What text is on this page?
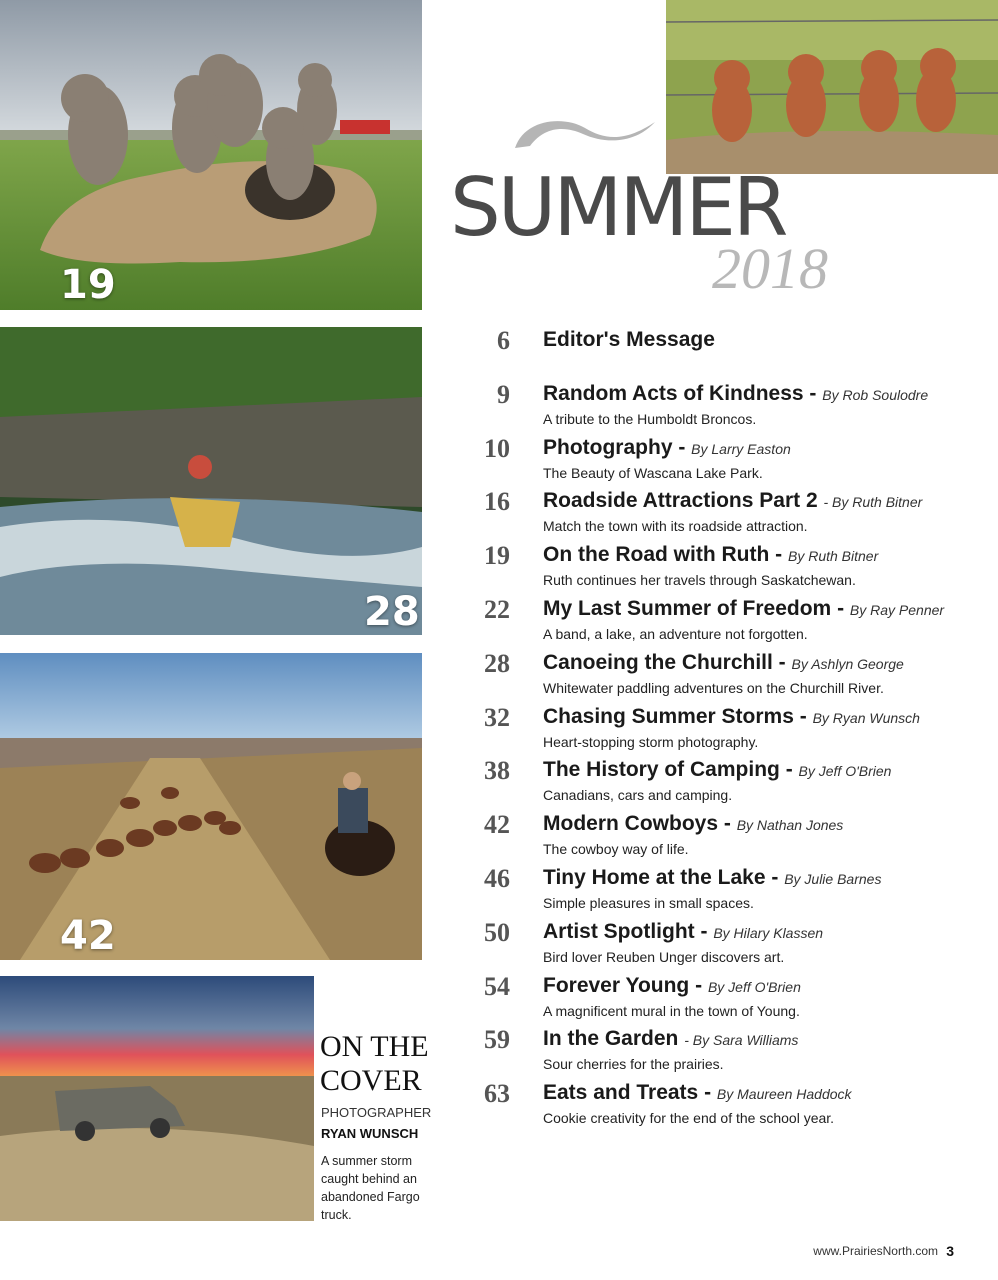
19
28
42
SUMMER
2018
6 Editor's Message
9 Random Acts of Kindness - By Rob Soulodre
A tribute to the Humboldt Broncos.
10 Photography - By Larry Easton
The Beauty of Wascana Lake Park.
16 Roadside Attractions Part 2 - By Ruth Bitner
Match the town with its roadside attraction.
19 On the Road with Ruth - By Ruth Bitner
Ruth continues her travels through Saskatchewan.
22 My Last Summer of Freedom - By Ray Penner
A band, a lake, an adventure not forgotten.
28 Canoeing the Churchill - By Ashlyn George
Whitewater paddling adventures on the Churchill River.
32 Chasing Summer Storms - By Ryan Wunsch
Heart-stopping storm photography.
38 The History of Camping - By Jeff O'Brien
Canadians, cars and camping.
42 Modern Cowboys - By Nathan Jones
The cowboy way of life.
46 Tiny Home at the Lake - By Julie Barnes
Simple pleasures in small spaces.
50 Artist Spotlight - By Hilary Klassen
Bird lover Reuben Unger discovers art.
54 Forever Young - By Jeff O'Brien
A magnificent mural in the town of Young.
59 In the Garden - By Sara Williams
Sour cherries for the prairies.
63 Eats and Treats - By Maureen Haddock
Cookie creativity for the end of the school year.
ON THE
COVER
PHOTOGRAPHER
RYAN WUNSCH
A summer storm caught behind an abandoned Fargo truck.
www.PrairiesNorth.com 3
